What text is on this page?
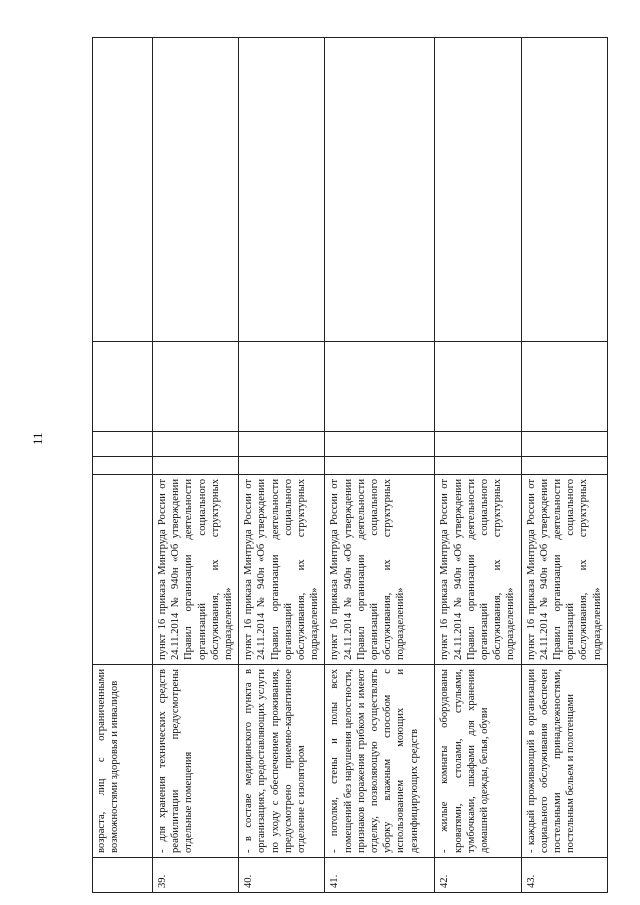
11
	возраста, лиц с ограниченными возможностями здоровья и инвалидов					
39.	- для хранения технических средств реабилитации предусмотрены отдельные помещения	пункт 16 приказа Минтруда России от 24.11.2014 № 940н «Об утверждении Правил организации деятельности организаций социального обслуживания, их структурных подразделений»				
40.	- в составе медицинского пункта в организациях, предоставляющих услуги по уходу с обеспечением проживания, предусмотрено приемно-карантинное отделение с изолятором	пункт 16 приказа Минтруда России от 24.11.2014 № 940н «Об утверждении Правил организации деятельности организаций социального обслуживания, их структурных подразделений»				
41.	- потолки, стены и полы всех помещений без нарушения целостности, признаков поражения грибком и имеют отделку, позволяющую осуществлять уборку влажным способом с использованием моющих и дезинфицирующих средств	пункт 16 приказа Минтруда России от 24.11.2014 № 940н «Об утверждении Правил организации деятельности организаций социального обслуживания, их структурных подразделений»				
42.	- жилые комнаты оборудованы кроватями, столами, стульями, тумбочками, шкафами для хранения домашней одежды, белья, обуви	пункт 16 приказа Минтруда России от 24.11.2014 № 940н «Об утверждении Правил организации деятельности организаций социального обслуживания, их структурных подразделений»				
43.	- каждый проживающий в организации социального обслуживания обеспечен постельными принадлежностями, постельным бельем и полотенцами	пункт 16 приказа Минтруда России от 24.11.2014 № 940н «Об утверждении Правил организации деятельности организаций социального обслуживания, их структурных подразделений»				
